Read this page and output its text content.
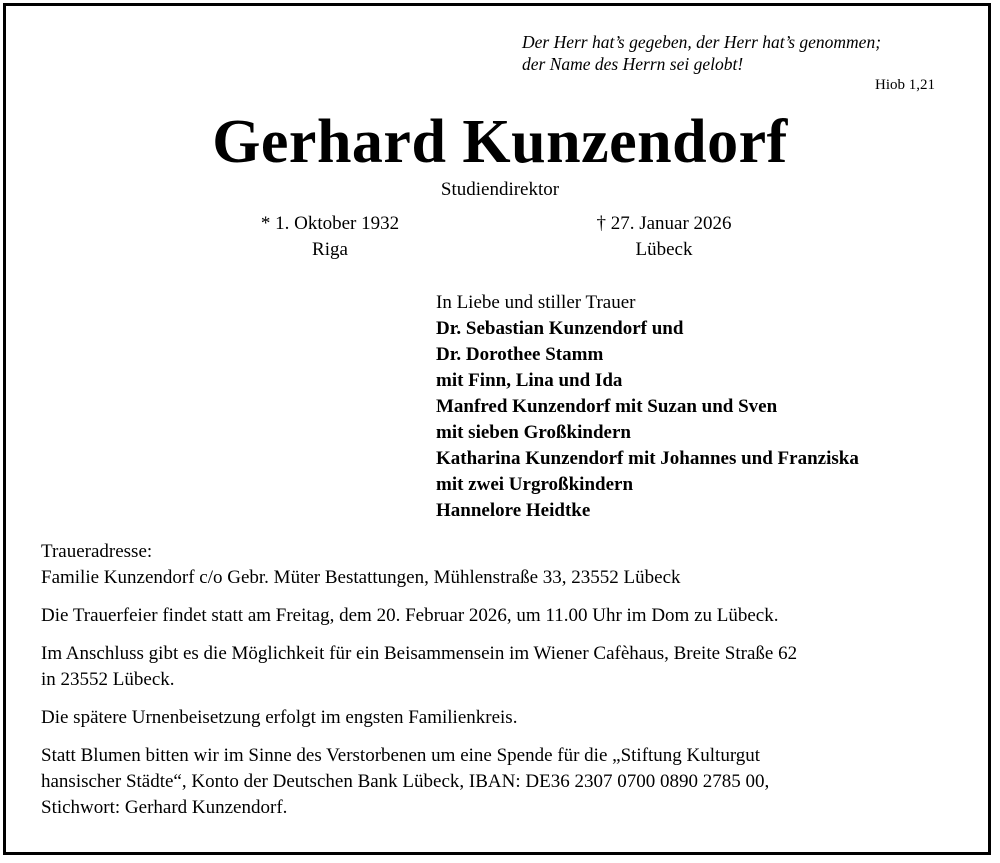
Der Herr hat’s gegeben, der Herr hat’s genommen;
der Name des Herrn sei gelobt!
Hiob 1,21
Gerhard Kunzendorf
Studiendirektor
* 1. Oktober 1932
Riga
† 27. Januar 2026
Lübeck
In Liebe und stiller Trauer
Dr. Sebastian Kunzendorf und
Dr. Dorothee Stamm
mit Finn, Lina und Ida
Manfred Kunzendorf mit Suzan und Sven
mit sieben Großkindern
Katharina Kunzendorf mit Johannes und Franziska
mit zwei Urgroßkindern
Hannelore Heidtke
Traueradresse:
Familie Kunzendorf c/o Gebr. Müter Bestattungen, Mühlenstraße 33, 23552 Lübeck
Die Trauerfeier findet statt am Freitag, dem 20. Februar 2026, um 11.00 Uhr im Dom zu Lübeck.
Im Anschluss gibt es die Möglichkeit für ein Beisammensein im Wiener Cafèhaus, Breite Straße 62
in 23552 Lübeck.
Die spätere Urnenbeisetzung erfolgt im engsten Familienkreis.
Statt Blumen bitten wir im Sinne des Verstorbenen um eine Spende für die „Stiftung Kulturgut
hansischer Städte“, Konto der Deutschen Bank Lübeck, IBAN: DE36 2307 0700 0890 2785 00,
Stichwort: Gerhard Kunzendorf.
